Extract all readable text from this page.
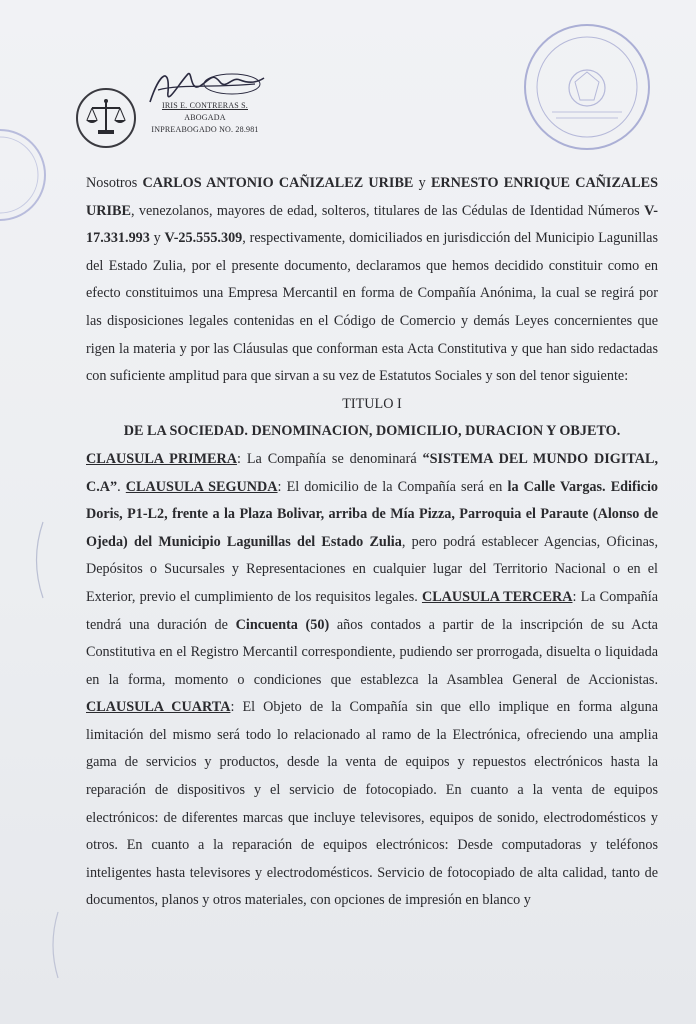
IRIS E. CONTRERAS S.
ABOGADA
INPREABOGADO NO. 28.981

Nosotros CARLOS ANTONIO CAÑIZALEZ URIBE y ERNESTO ENRIQUE CAÑIZALES URIBE, venezolanos, mayores de edad, solteros, titulares de las Cédulas de Identidad Números V-17.331.993 y V-25.555.309, respectivamente, domiciliados en jurisdicción del Municipio Lagunillas del Estado Zulia, por el presente documento, declaramos que hemos decidido constituir como en efecto constituimos una Empresa Mercantil en forma de Compañía Anónima, la cual se regirá por las disposiciones legales contenidas en el Código de Comercio y demás Leyes concernientes que rigen la materia y por las Cláusulas que conforman esta Acta Constitutiva y que han sido redactadas con suficiente amplitud para que sirvan a su vez de Estatutos Sociales y son del tenor siguiente:

TITULO I

DE LA SOCIEDAD. DENOMINACION, DOMICILIO, DURACION Y OBJETO.

CLAUSULA PRIMERA: La Compañía se denominará “SISTEMA DEL MUNDO DIGITAL, C.A”. CLAUSULA SEGUNDA: El domicilio de la Compañía será en la Calle Vargas. Edificio Doris, P1-L2, frente a la Plaza Bolivar, arriba de Mía Pizza, Parroquia el Paraute (Alonso de Ojeda) del Municipio Lagunillas del Estado Zulia, pero podrá establecer Agencias, Oficinas, Depósitos o Sucursales y Representaciones en cualquier lugar del Territorio Nacional o en el Exterior, previo el cumplimiento de los requisitos legales. CLAUSULA TERCERA: La Compañía tendrá una duración de Cincuenta (50) años contados a partir de la inscripción de su Acta Constitutiva en el Registro Mercantil correspondiente, pudiendo ser prorrogada, disuelta o liquidada en la forma, momento o condiciones que establezca la Asamblea General de Accionistas. CLAUSULA CUARTA: El Objeto de la Compañía sin que ello implique en forma alguna limitación del mismo será todo lo relacionado al ramo de la Electrónica, ofreciendo una amplia gama de servicios y productos, desde la venta de equipos y repuestos electrónicos hasta la reparación de dispositivos y el servicio de fotocopiado. En cuanto a la venta de equipos electrónicos: de diferentes marcas que incluye televisores, equipos de sonido, electrodomésticos y otros. En cuanto a la reparación de equipos electrónicos: Desde computadoras y teléfonos inteligentes hasta televisores y electrodomésticos. Servicio de fotocopiado de alta calidad, tanto de documentos, planos y otros materiales, con opciones de impresión en blanco y
